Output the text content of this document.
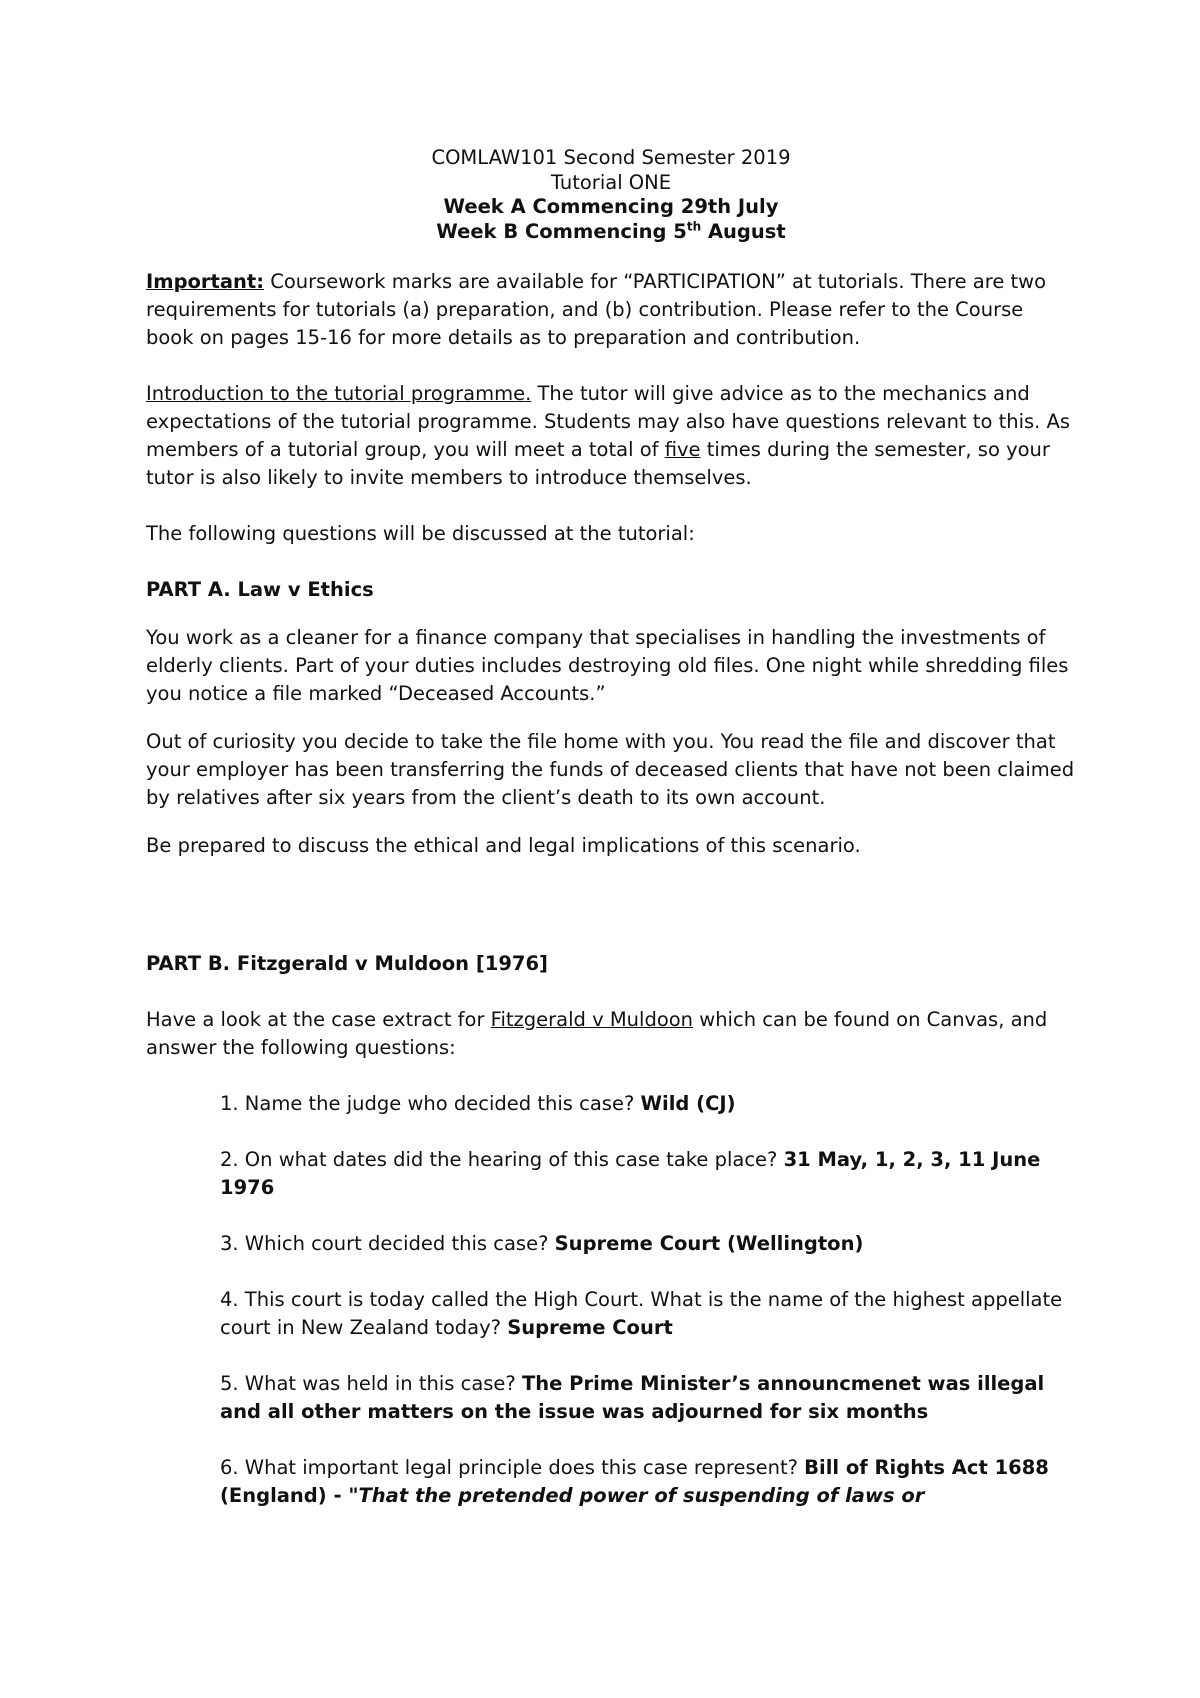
COMLAW101 Second Semester 2019
Tutorial ONE
Week A Commencing 29th July
Week B Commencing 5th August

Important: Coursework marks are available for “PARTICIPATION” at tutorials. There are two requirements for tutorials (a) preparation, and (b) contribution. Please refer to the Course book on pages 15-16 for more details as to preparation and contribution.

Introduction to the tutorial programme. The tutor will give advice as to the mechanics and expectations of the tutorial programme. Students may also have questions relevant to this. As members of a tutorial group, you will meet a total of five times during the semester, so your tutor is also likely to invite members to introduce themselves.

The following questions will be discussed at the tutorial:

PART A. Law v Ethics

You work as a cleaner for a finance company that specialises in handling the investments of elderly clients. Part of your duties includes destroying old files. One night while shredding files you notice a file marked “Deceased Accounts.”

Out of curiosity you decide to take the file home with you. You read the file and discover that your employer has been transferring the funds of deceased clients that have not been claimed by relatives after six years from the client’s death to its own account.

Be prepared to discuss the ethical and legal implications of this scenario.

PART B. Fitzgerald v Muldoon [1976]

Have a look at the case extract for Fitzgerald v Muldoon which can be found on Canvas, and answer the following questions:

1. Name the judge who decided this case? Wild (CJ)
2. On what dates did the hearing of this case take place? 31 May, 1, 2, 3, 11 June 1976
3. Which court decided this case? Supreme Court (Wellington)
4. This court is today called the High Court. What is the name of the highest appellate court in New Zealand today? Supreme Court
5. What was held in this case? The Prime Minister’s announcmenet was illegal and all other matters on the issue was adjourned for six months
6. What important legal principle does this case represent? Bill of Rights Act 1688 (England) - "That the pretended power of suspending of laws or
